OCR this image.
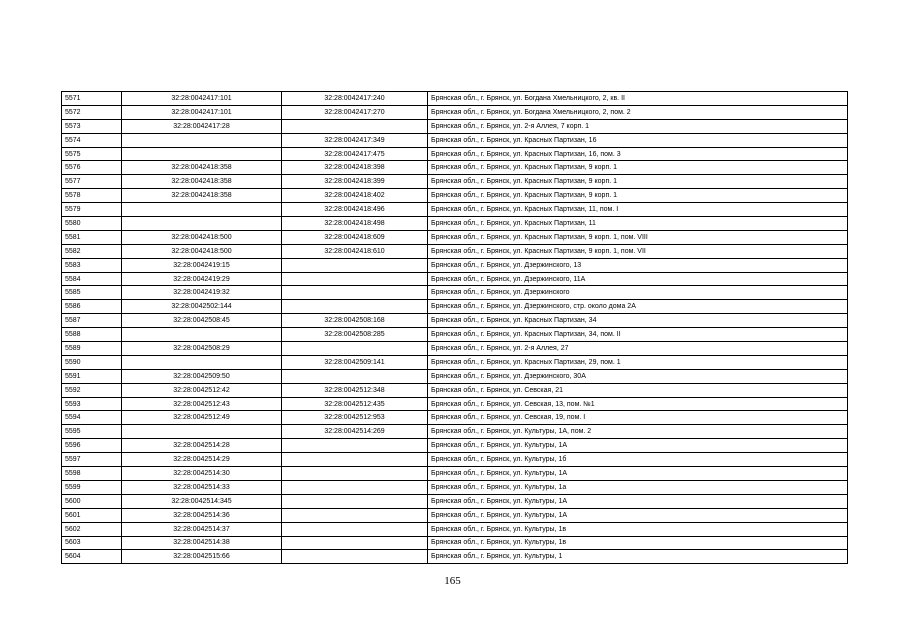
5571	32:28:0042417:101	32:28:0042417:240	Брянская обл., г. Брянск, ул. Богдана Хмельницкого, 2, кв. II
5572	32:28:0042417:101	32:28:0042417:270	Брянская обл., г. Брянск, ул. Богдана Хмельницкого, 2, пом. 2
5573	32:28:0042417:28		Брянская обл., г. Брянск, ул. 2-я Аллея, 7 корп. 1
5574		32:28:0042417:349	Брянская обл., г. Брянск, ул. Красных Партизан, 16
5575		32:28:0042417:475	Брянская обл., г. Брянск, ул. Красных Партизан, 16, пом. 3
5576	32:28:0042418:358	32:28:0042418:398	Брянская обл., г. Брянск, ул. Красных Партизан, 9 корп. 1
5577	32:28:0042418:358	32:28:0042418:399	Брянская обл., г. Брянск, ул. Красных Партизан, 9 корп. 1
5578	32:28:0042418:358	32:28:0042418:402	Брянская обл., г. Брянск, ул. Красных Партизан, 9 корп. 1
5579		32:28:0042418:496	Брянская обл., г. Брянск, ул. Красных Партизан, 11, пом. I
5580		32:28:0042418:498	Брянская обл., г. Брянск, ул. Красных Партизан, 11
5581	32:28:0042418:500	32:28:0042418:609	Брянская обл., г. Брянск, ул. Красных Партизан, 9 корп. 1, пом. VIII
5582	32:28:0042418:500	32:28:0042418:610	Брянская обл., г. Брянск, ул. Красных Партизан, 9 корп. 1, пом. VII
5583	32:28:0042419:15		Брянская обл., г. Брянск, ул. Дзержинского, 13
5584	32:28:0042419:29		Брянская обл., г. Брянск, ул. Дзержинского, 11А
5585	32:28:0042419:32		Брянская обл., г. Брянск, ул. Дзержинского
5586	32:28:0042502:144		Брянская обл., г. Брянск, ул. Дзержинского, стр. около дома 2А
5587	32:28:0042508:45	32:28:0042508:168	Брянская обл., г. Брянск, ул. Красных Партизан, 34
5588		32:28:0042508:285	Брянская обл., г. Брянск, ул. Красных Партизан, 34, пом. II
5589	32:28:0042508:29		Брянская обл., г. Брянск, ул. 2-я Аллея, 27
5590		32:28:0042509:141	Брянская обл., г. Брянск, ул. Красных Партизан, 29, пом. 1
5591	32:28:0042509:50		Брянская обл., г. Брянск, ул. Дзержинского, 30А
5592	32:28:0042512:42	32:28:0042512:348	Брянская обл., г. Брянск, ул. Севская, 21
5593	32:28:0042512:43	32:28:0042512:435	Брянская обл., г. Брянск, ул. Севская, 13, пом. №1
5594	32:28:0042512:49	32:28:0042512:953	Брянская обл., г. Брянск, ул. Севская, 19, пом. I
5595		32:28:0042514:269	Брянская обл., г. Брянск, ул. Культуры, 1А, пом. 2
5596	32:28:0042514:28		Брянская обл., г. Брянск, ул. Культуры, 1А
5597	32:28:0042514:29		Брянская обл., г. Брянск, ул. Культуры, 1б
5598	32:28:0042514:30		Брянская обл., г. Брянск, ул. Культуры, 1А
5599	32:28:0042514:33		Брянская обл., г. Брянск, ул. Культуры, 1а
5600	32:28:0042514:345		Брянская обл., г. Брянск, ул. Культуры, 1А
5601	32:28:0042514:36		Брянская обл., г. Брянск, ул. Культуры, 1А
5602	32:28:0042514:37		Брянская обл., г. Брянск, ул. Культуры, 1в
5603	32:28:0042514:38		Брянская обл., г. Брянск, ул. Культуры, 1в
5604	32:28:0042515:66		Брянская обл., г. Брянск, ул. Культуры, 1
165
